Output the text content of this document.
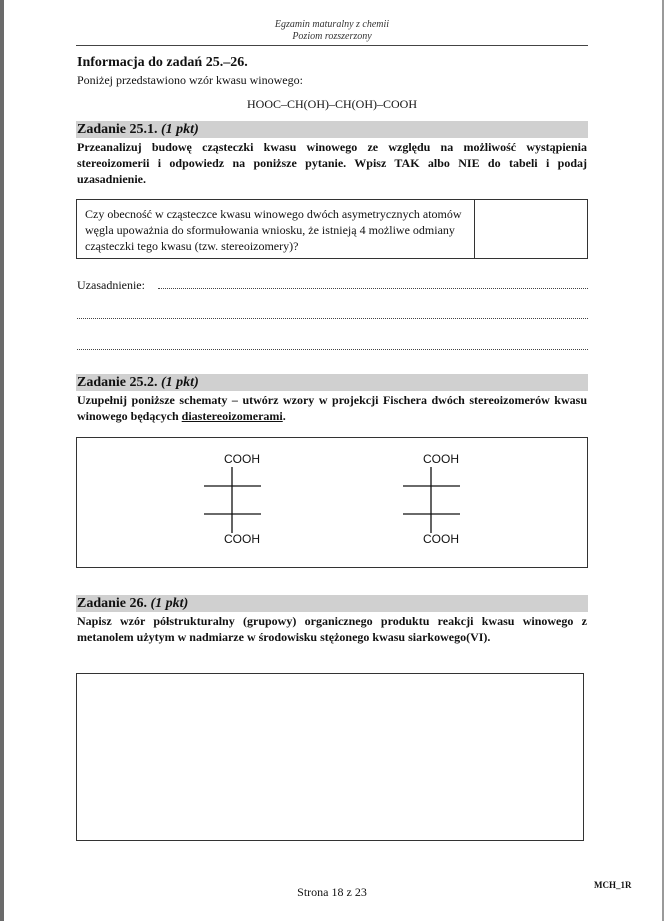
Egzamin maturalny z chemii
Poziom rozszerzony
Informacja do zadań 25.–26.
Poniżej przedstawiono wzór kwasu winowego:
HOOC–CH(OH)–CH(OH)–COOH
Zadanie 25.1. (1 pkt)
Przeanalizuj budowę cząsteczki kwasu winowego ze względu na możliwość wystąpienia stereoizomerii i odpowiedz na poniższe pytanie. Wpisz TAK albo NIE do tabeli i podaj uzasadnienie.
Czy obecność w cząsteczce kwasu winowego dwóch asymetrycznych atomów węgla upoważnia do sformułowania wniosku, że istnieją 4 możliwe odmiany cząsteczki tego kwasu (tzw. stereoizomery)?
Uzasadnienie:
Zadanie 25.2. (1 pkt)
Uzupełnij poniższe schematy – utwórz wzory w projekcji Fischera dwóch stereoizomerów kwasu winowego będących diastereoizomerami.
COOH
COOH
COOH
COOH
Zadanie 26. (1 pkt)
Napisz wzór półstrukturalny (grupowy) organicznego produktu reakcji kwasu winowego z metanolem użytym w nadmiarze w środowisku stężonego kwasu siarkowego(VI).
Strona 18 z 23	MCH_1R
